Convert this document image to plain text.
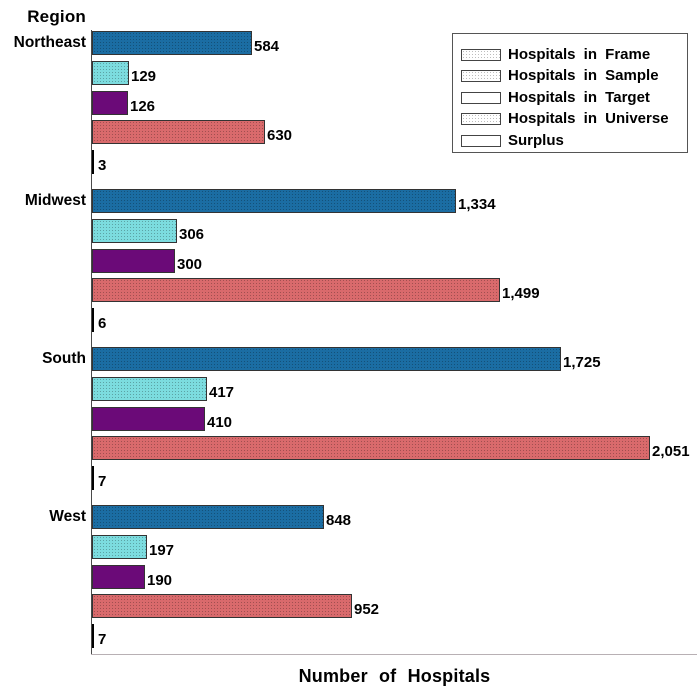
Region
Northeast	584
129
126
630
3
Midwest	1,334
306
300
1,499
6
South	1,725
417
410
2,051
7
West	848
197
190
952
7
Hospitals in Frame
Hospitals in Sample
Hospitals in Target
Hospitals in Universe
Surplus
Number of Hospitals
